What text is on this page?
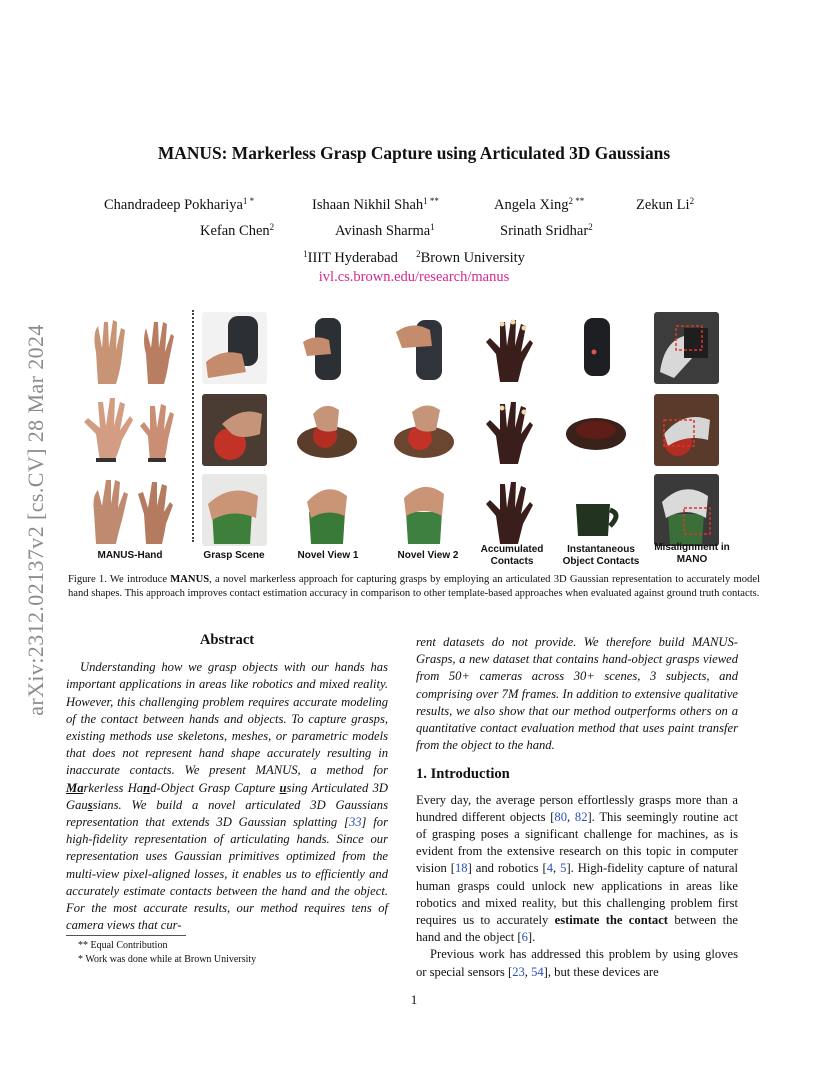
arXiv:2312.02137v2 [cs.CV] 28 Mar 2024
MANUS: Markerless Grasp Capture using Articulated 3D Gaussians
Chandradeep Pokhariya$^{1 *}$	Ishaan Nikhil Shah$^{1 **}$	Angela Xing$^{2 **}$	Zekun Li$^2$
Kefan Chen$^2$	Avinash Sharma$^1$	Srinath Sridhar$^2$
$^1$IIIT Hyderabad $^2$Brown University
ivl.cs.brown.edu/research/manus
MANUS-Hand	Grasp Scene	Novel View 1	Novel View 2
Accumulated Contacts
Instantaneous Object Contacts
Misalignment in MANO
Figure 1. We introduce MANUS, a novel markerless approach for capturing grasps by employing an articulated 3D Gaussian representation to accurately model hand shapes. This approach improves contact estimation accuracy in comparison to other template-based approaches when evaluated against ground truth contacts.
Abstract

Understanding how we grasp objects with our hands has important applications in areas like robotics and mixed reality. However, this challenging problem requires accurate modeling of the contact between hands and objects. To capture grasps, existing methods use skeletons, meshes, or parametric models that does not represent hand shape accurately resulting in inaccurate contacts. We present MANUS, a method for Markerless Hand-Object Grasp Capture using Articulated 3D Gaussians. We build a novel articulated 3D Gaussians representation that extends 3D Gaussian splatting [33] for high-fidelity representation of articulating hands. Since our representation uses Gaussian primitives optimized from the multi-view pixel-aligned losses, it enables us to efficiently and accurately estimate contacts between the hand and the object. For the most accurate results, our method requires tens of camera views that cur-

rent datasets do not provide. We therefore build MANUS-Grasps, a new dataset that contains hand-object grasps viewed from 50+ cameras across 30+ scenes, 3 subjects, and comprising over 7M frames. In addition to extensive qualitative results, we also show that our method outperforms others on a quantitative contact evaluation method that uses paint transfer from the object to the hand.

1. Introduction

Every day, the average person effortlessly grasps more than a hundred different objects [80, 82]. This seemingly routine act of grasping poses a significant challenge for machines, as is evident from the extensive research on this topic in computer vision [18] and robotics [4, 5]. High-fidelity capture of natural human grasps could unlock new applications in areas like robotics and mixed reality, but this challenging problem first requires us to accurately estimate the contact between the hand and the object [6].

Previous work has addressed this problem by using gloves or special sensors [23, 54], but these devices are

** Equal Contribution
* Work was done while at Brown University
1
